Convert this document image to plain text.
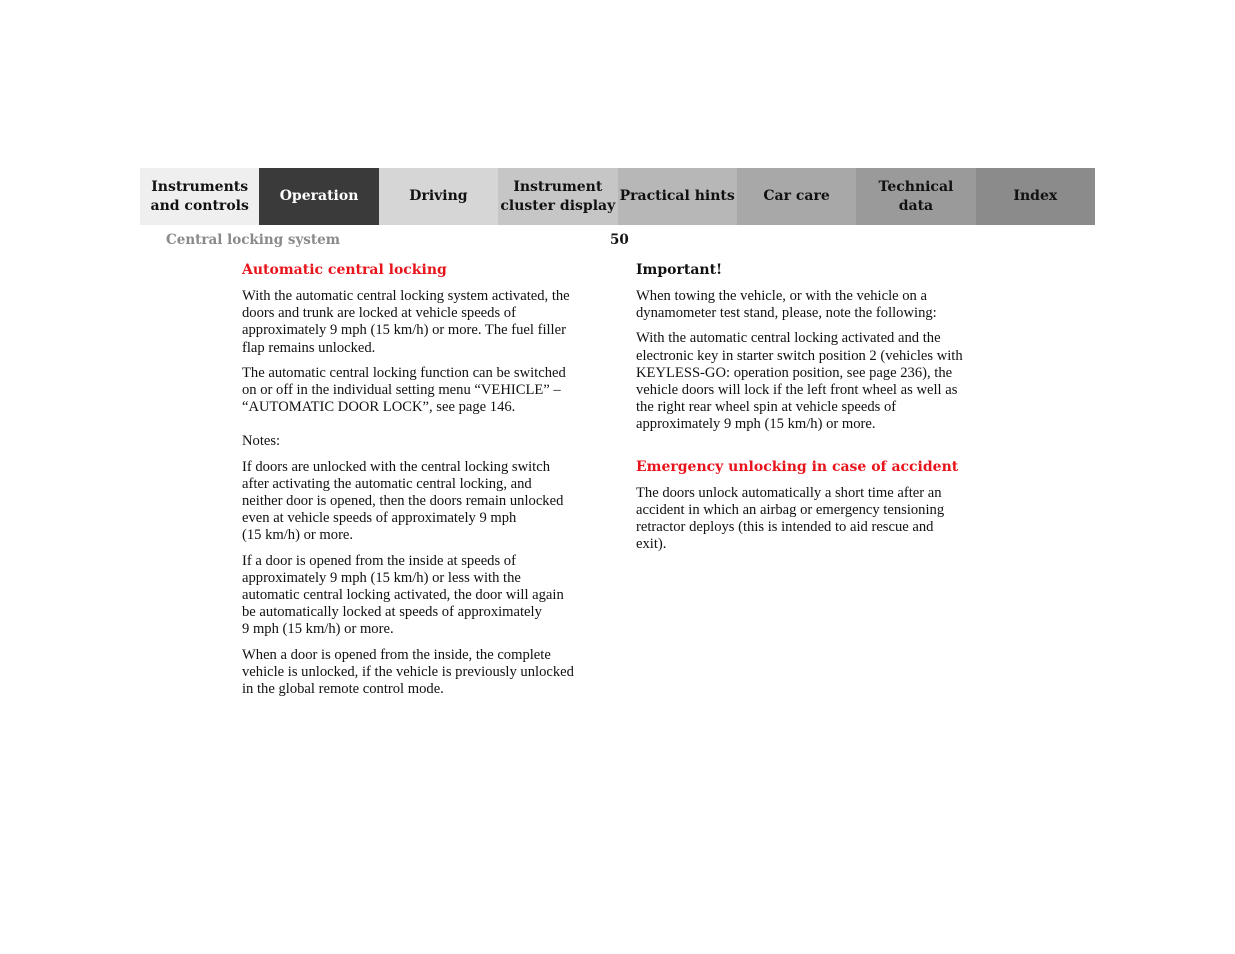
Instruments
and controls
Operation	Driving
Instrument
cluster display
Practical hints	Car care
Technical
data
Index
Central locking system	50
Automatic central locking

With the automatic central locking system activated, the
doors and trunk are locked at vehicle speeds of
approximately 9 mph (15 km/h) or more. The fuel filler
flap remains unlocked.

The automatic central locking function can be switched
on or off in the individual setting menu “VEHICLE” –
“AUTOMATIC DOOR LOCK”, see page 146.

Notes:

If doors are unlocked with the central locking switch
after activating the automatic central locking, and
neither door is opened, then the doors remain unlocked
even at vehicle speeds of approximately 9 mph
(15 km/h) or more.

If a door is opened from the inside at speeds of
approximately 9 mph (15 km/h) or less with the
automatic central locking activated, the door will again
be automatically locked at speeds of approximately
9 mph (15 km/h) or more.

When a door is opened from the inside, the complete
vehicle is unlocked, if the vehicle is previously unlocked
in the global remote control mode.

Important!

When towing the vehicle, or with the vehicle on a
dynamometer test stand, please, note the following:

With the automatic central locking activated and the
electronic key in starter switch position 2 (vehicles with
KEYLESS-GO: operation position, see page 236), the
vehicle doors will lock if the left front wheel as well as
the right rear wheel spin at vehicle speeds of
approximately 9 mph (15 km/h) or more.

Emergency unlocking in case of accident

The doors unlock automatically a short time after an
accident in which an airbag or emergency tensioning
retractor deploys (this is intended to aid rescue and
exit).
